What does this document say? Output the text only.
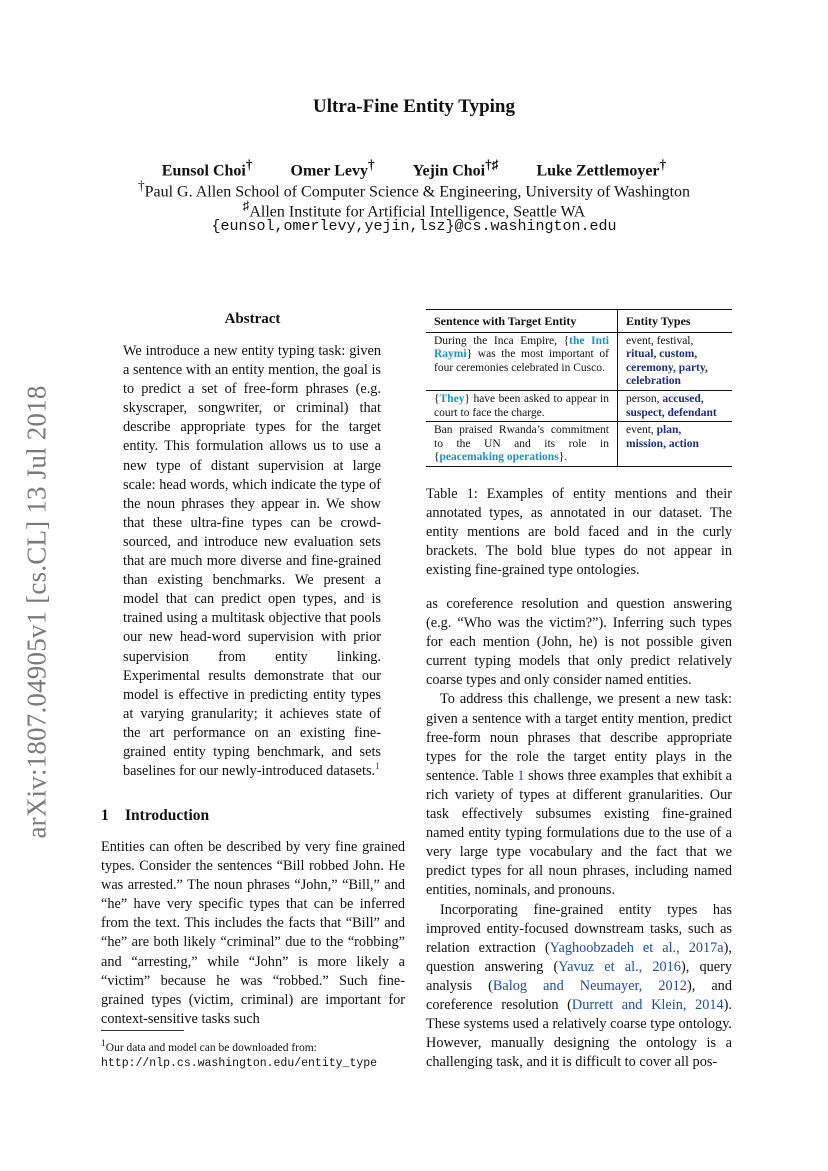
arXiv:1807.04905v1 [cs.CL] 13 Jul 2018
Ultra-Fine Entity Typing
Eunsol Choi† Omer Levy† Yejin Choi†♯ Luke Zettlemoyer†
†Paul G. Allen School of Computer Science & Engineering, University of Washington
♯Allen Institute for Artificial Intelligence, Seattle WA
{eunsol,omerlevy,yejin,lsz}@cs.washington.edu
Abstract
We introduce a new entity typing task: given a sentence with an entity mention, the goal is to predict a set of free-form phrases (e.g. skyscraper, songwriter, or criminal) that describe appropriate types for the target entity. This formulation allows us to use a new type of distant supervision at large scale: head words, which indicate the type of the noun phrases they appear in. We show that these ultra-fine types can be crowd-sourced, and introduce new evaluation sets that are much more diverse and fine-grained than existing benchmarks. We present a model that can predict open types, and is trained using a multitask objective that pools our new head-word supervision with prior supervision from entity linking. Experimental results demonstrate that our model is effective in predicting entity types at varying granularity; it achieves state of the art performance on an existing fine-grained entity typing benchmark, and sets baselines for our newly-introduced datasets.$^1$
1 Introduction
Entities can often be described by very fine grained types. Consider the sentences “Bill robbed John. He was arrested.” The noun phrases “John,” “Bill,” and “he” have very specific types that can be inferred from the text. This includes the facts that “Bill” and “he” are both likely “criminal” due to the “robbing” and “arresting,” while “John” is more likely a “victim” because he was “robbed.” Such fine-grained types (victim, criminal) are important for context-sensitive tasks such
$^1$Our data and model can be downloaded from:
http://nlp.cs.washington.edu/entity_type
Sentence with Target Entity	Entity Types
During the Inca Empire, {the Inti Raymi} was the most important of four ceremonies celebrated in Cusco.	event, festival, ritual, custom, ceremony, party, celebration
{They} have been asked to appear in court to face the charge.	person, accused, suspect, defendant
Ban praised Rwanda’s commitment to the UN and its role in {peacemaking operations}.	event, plan, mission, action
Table 1: Examples of entity mentions and their annotated types, as annotated in our dataset. The entity mentions are bold faced and in the curly brackets. The bold blue types do not appear in existing fine-grained type ontologies.

as coreference resolution and question answering (e.g. “Who was the victim?”). Inferring such types for each mention (John, he) is not possible given current typing models that only predict relatively coarse types and only consider named entities.

To address this challenge, we present a new task: given a sentence with a target entity mention, predict free-form noun phrases that describe appropriate types for the role the target entity plays in the sentence. Table 1 shows three examples that exhibit a rich variety of types at different granularities. Our task effectively subsumes existing fine-grained named entity typing formulations due to the use of a very large type vocabulary and the fact that we predict types for all noun phrases, including named entities, nominals, and pronouns.

Incorporating fine-grained entity types has improved entity-focused downstream tasks, such as relation extraction (Yaghoobzadeh et al., 2017a), question answering (Yavuz et al., 2016), query analysis (Balog and Neumayer, 2012), and coreference resolution (Durrett and Klein, 2014). These systems used a relatively coarse type ontology. However, manually designing the ontology is a challenging task, and it is difficult to cover all pos-
